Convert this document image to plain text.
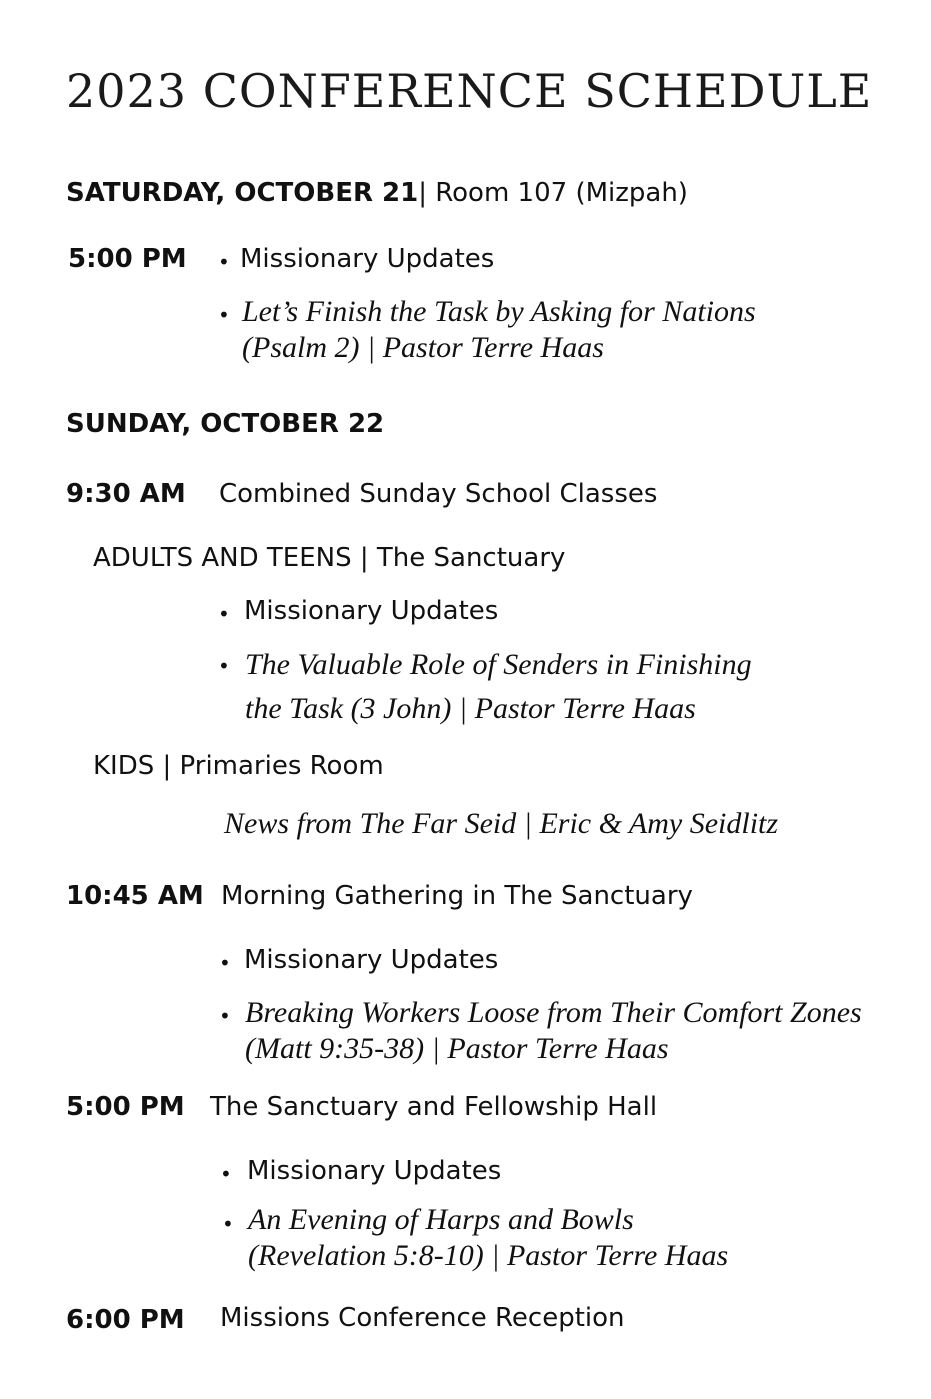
2023 CONFERENCE SCHEDULE
SATURDAY, OCTOBER 21| Room 107 (Mizpah)
5:00 PM • Missionary Updates
• Let’s Finish the Task by Asking for Nations
(Psalm 2) | Pastor Terre Haas
SUNDAY, OCTOBER 22
9:30 AM Combined Sunday School Classes
ADULTS AND TEENS | The Sanctuary
• Missionary Updates
• The Valuable Role of Senders in Finishing
the Task (3 John) | Pastor Terre Haas
KIDS | Primaries Room
News from The Far Seid | Eric & Amy Seidlitz
10:45 AM Morning Gathering in The Sanctuary
• Missionary Updates
• Breaking Workers Loose from Their Comfort Zones
(Matt 9:35-38) | Pastor Terre Haas
5:00 PM The Sanctuary and Fellowship Hall
• Missionary Updates
• An Evening of Harps and Bowls
(Revelation 5:8-10) | Pastor Terre Haas
6:00 PM Missions Conference Reception
